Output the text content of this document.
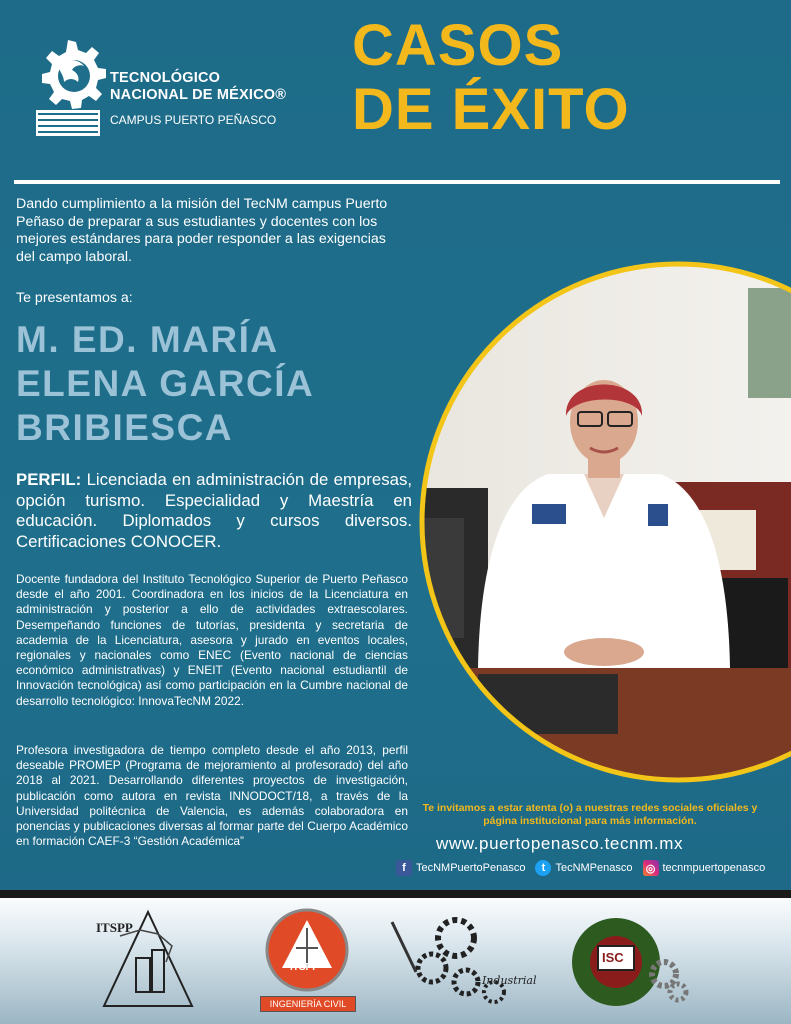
TECNOLÓGICO
NACIONAL DE MÉXICO®
CAMPUS PUERTO PEÑASCO
CASOS
DE ÉXITO
Dando cumplimiento a la misión del TecNM campus Puerto Peñaso de preparar a sus estudiantes y docentes con los mejores estándares para poder responder a las exigencias del campo laboral.
Te presentamos a:
M. ED. MARÍA
ELENA GARCÍA
BRIBIESCA
PERFIL: Licenciada en administración de empresas, opción turismo. Especialidad y Maestría en educación. Diplomados y cursos diversos. Certificaciones CONOCER.
Docente fundadora del Instituto Tecnológico Superior de Puerto Peñasco desde el año 2001. Coordinadora en los inicios de la Licenciatura en administración y posterior a ello de actividades extraescolares. Desempeñando funciones de tutorías, presidenta y secretaria de academia de la Licenciatura, asesora y jurado en eventos locales, regionales y nacionales como ENEC (Evento nacional de ciencias económico administrativas) y ENEIT (Evento nacional estudiantil de Innovación tecnológica) así como participación en la Cumbre nacional de desarrollo tecnológico: InnovaTecNM 2022.
Profesora investigadora de tiempo completo desde el año 2013, perfil deseable PROMEP (Programa de mejoramiento al profesorado) del año 2018 al 2021. Desarrollando diferentes proyectos de investigación, publicación como autora en revista INNODOCT/18, a través de la Universidad politécnica de Valencia, es además colaboradora en ponencias y publicaciones diversas al formar parte del Cuerpo Académico en formación CAEF-3 “Gestión Académica”
Te invitamos a estar atenta (o) a nuestras redes sociales oficiales y página institucional para más información.
www.puertopenasco.tecnm.mx
f TecNMPuertoPenasco	t TecNMPenasco ◎ tecnmpuertopenasco
ITSPP
ITSPP
INGENIERÍA CIVIL
Industrial
ISC
